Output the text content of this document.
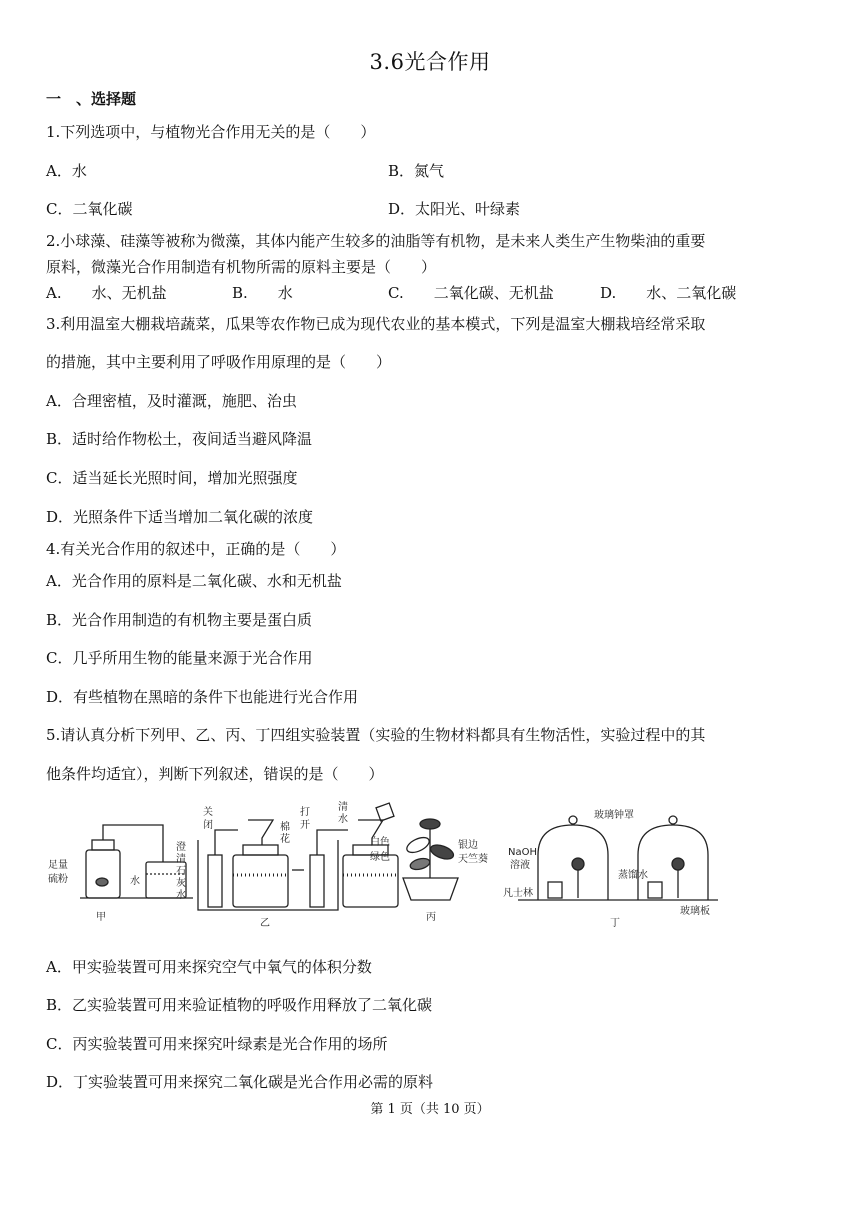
3.6光合作用
一　、选择题
1.下列选项中，与植物光合作用无关的是（　　）
A．水	B．氮气
C．二氧化碳	D．太阳光、叶绿素
2.小球藻、硅藻等被称为微藻，其体内能产生较多的油脂等有机物，是未来人类生产生物柴油的重要
原料，微藻光合作用制造有机物所需的原料主要是（　　）
A.　　水、无机盐	B.　　水	C.　　二氧化碳、无机盐	D.　　水、二氧化碳
3.利用温室大棚栽培蔬菜，瓜果等农作物已成为现代农业的基本模式，下列是温室大棚栽培经常采取
的措施，其中主要利用了呼吸作用原理的是（　　）
A．合理密植，及时灌溉，施肥、治虫
B．适时给作物松土，夜间适当避风降温
C．适当延长光照时间，增加光照强度
D．光照条件下适当增加二氧化碳的浓度
4.有关光合作用的叙述中，正确的是（　　）
A．光合作用的原料是二氧化碳、水和无机盐
B．光合作用制造的有机物主要是蛋白质
C．几乎所用生物的能量来源于光合作用
D．有些植物在黑暗的条件下也能进行光合作用
5.请认真分析下列甲、乙、丙、丁四组实验装置（实验的生物材料都具有生物活性，实验过程中的其
他条件均适宜），判断下列叙述，错误的是（　　）
足量
硫粉	水
甲
关
闭
澄
清
石
灰
水
棉
花
打
开
清
水
乙
白色
绿色
银边
天竺葵
丙
NaOH
溶液
玻璃钟罩
蒸馏水
凡士林
玻璃板
丁
A．甲实验装置可用来探究空气中氧气的体积分数
B．乙实验装置可用来验证植物的呼吸作用释放了二氧化碳
C．丙实验装置可用来探究叶绿素是光合作用的场所
D．丁实验装置可用来探究二氧化碳是光合作用必需的原料
第 1 页（共 10 页）
